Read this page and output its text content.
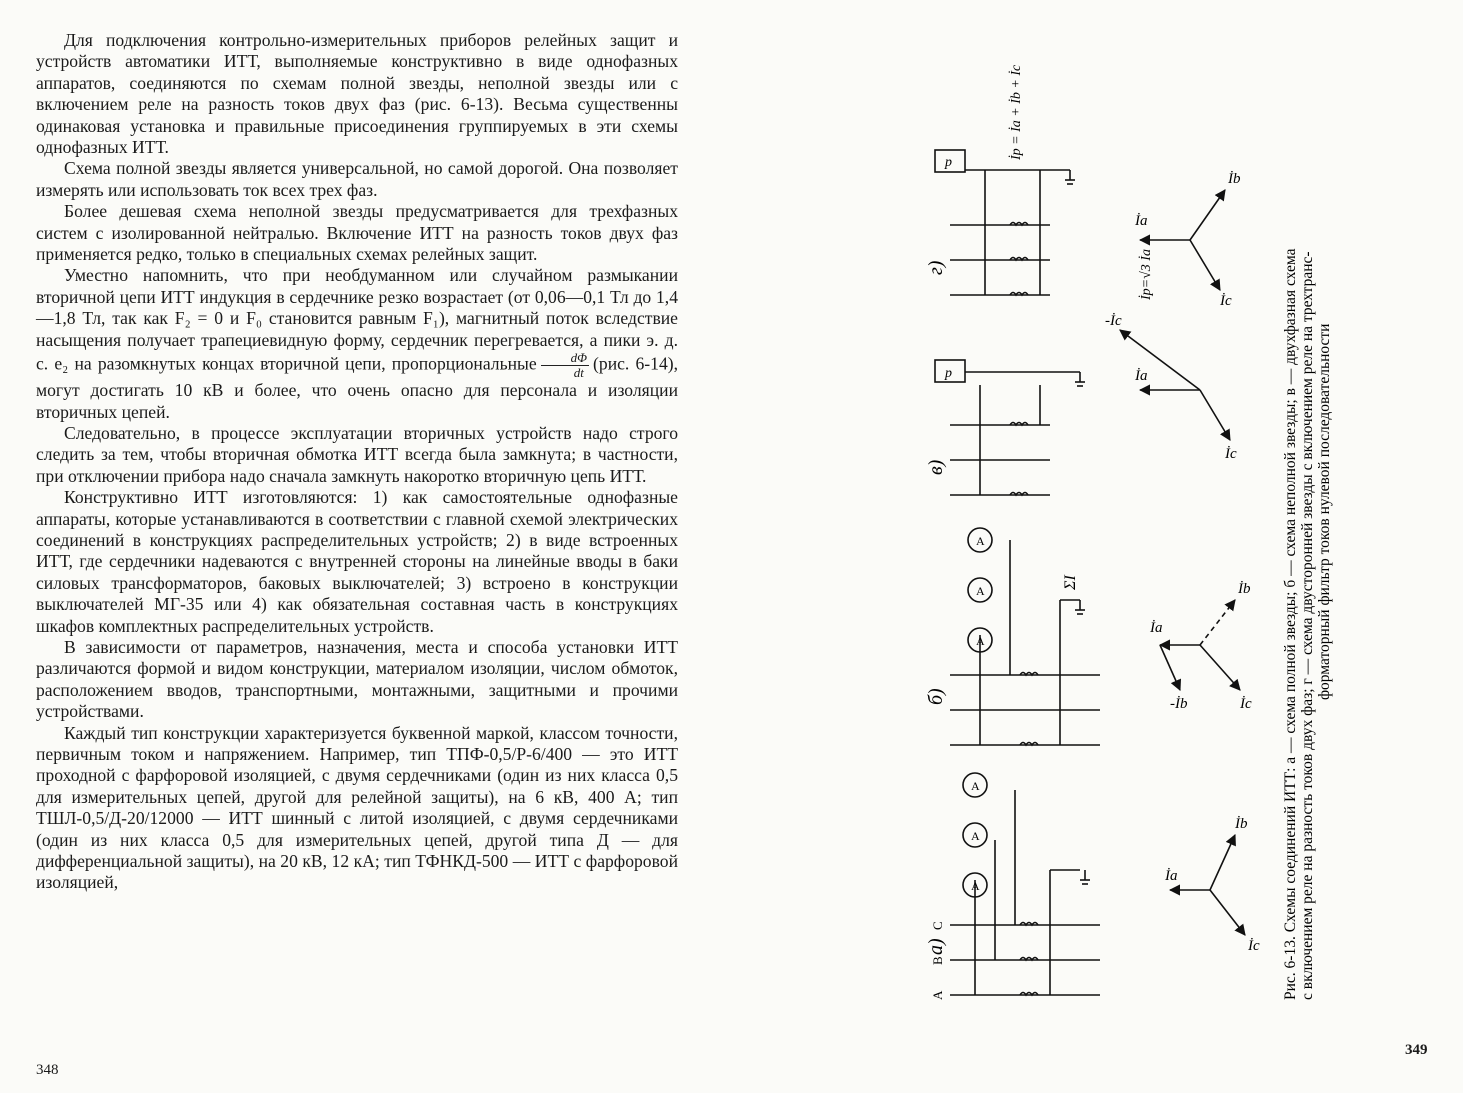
Для подключения контрольно-измерительных приборов релейных защит и устройств автоматики ИТТ, выполняемые конструктивно в виде однофазных аппаратов, соединяются по схемам полной звезды, неполной звезды или с включением реле на разность токов двух фаз (рис. 6-13). Весьма существенны одинаковая установка и правильные присоединения группируемых в эти схемы однофазных ИТТ.

Схема полной звезды является универсальной, но самой дорогой. Она позволяет измерять или использовать ток всех трех фаз.

Более дешевая схема неполной звезды предусматривается для трехфазных систем с изолированной нейтралью. Включение ИТТ на разность токов двух фаз применяется редко, только в специальных схемах релейных защит.

Уместно напомнить, что при необдуманном или случайном размыкании вторичной цепи ИТТ индукция в сердечнике резко возрастает (от 0,06—0,1 Тл до 1,4—1,8 Тл, так как F₂ = 0 и F₀ становится равным F₁), магнитный поток вследствие насыщения получает трапециевидную форму, сердечник перегревается, а пики э. д. с. e₂ на разомкнутых концах вторичной цепи, пропорциональные $\frac{d\Phi}{dt} (рис$. 6-14), могут достигать 10 кВ и более, что очень опасно для персонала и изоляции вторичных цепей.

Следовательно, в процессе эксплуатации вторичных устройств надо строго следить за тем, чтобы вторичная обмотка ИТТ всегда была замкнута; в частности, при отключении прибора надо сначала замкнуть накоротко вторичную цепь ИТТ.

Конструктивно ИТТ изготовляются: 1) как самостоятельные однофазные аппараты, которые устанавливаются в соответствии с главной схемой электрических соединений в конструкциях распределительных устройств; 2) в виде встроенных ИТТ, где сердечники надеваются с внутренней стороны на линейные вводы в баки силовых трансформаторов, баковых выключателей; 3) встроено в конструкции выключателей МГ-35 или 4) как обязательная составная часть в конструкциях шкафов комплектных распределительных устройств.

В зависимости от параметров, назначения, места и способа установки ИТТ различаются формой и видом конструкции, материалом изоляции, числом обмоток, расположением вводов, транспортными, монтажными, защитными и прочими устройствами.

Каждый тип конструкции характеризуется буквенной маркой, классом точности, первичным током и напряжением. Например, тип ТПФ-0,5/Р-6/400 — это ИТТ проходной с фарфоровой изоляцией, с двумя сердечниками (один из них класса 0,5 для измерительных цепей, другой для релейной защиты), на 6 кВ, 400 А; тип ТШЛ-0,5/Д-20/12000 — ИТТ шинный с литой изоляцией, с двумя сердечниками (один из них класса 0,5 для измерительных цепей, другой типа Д — для дифференциальной защиты), на 20 кВ, 12 кА; тип ТФНКД-500 — ИТТ с фарфоровой изоляцией,

348
Рис. 6-13. Схемы соединений ИТТ: а — схема полной звезды; б — схема неполной звезды; в — двухфазная схема с включением реле на разность токов двух фаз; г — схема двусторонней звезды с включением реле на трехтранс- форматорный фильтр токов нулевой последовательности
а)
A
B
C
A
A
A
İa
İb
İc
б)
A
A
A
ΣI
İa
İb
İc
-İb
в)
р	İa
İc
-İc
İр=√3 İа
г)
р
İр = İа + İb + İc
İa
İb
İc
349
